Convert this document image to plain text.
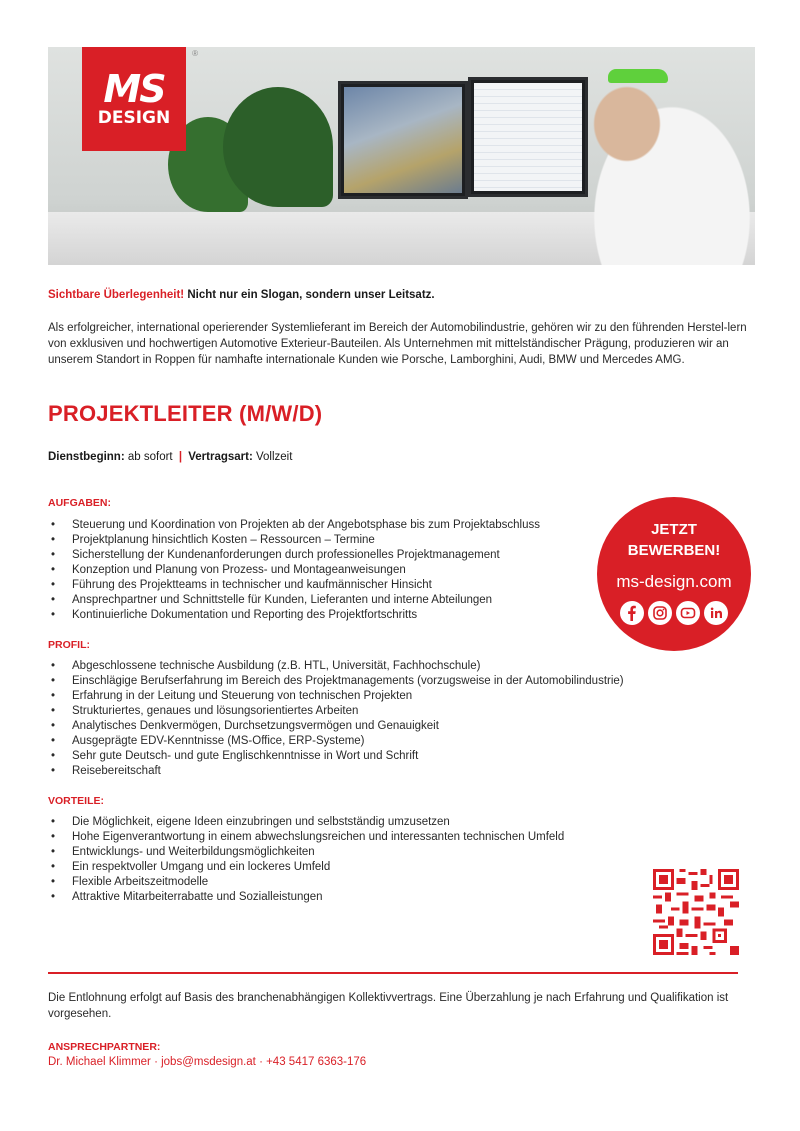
MS
DESIGN
®
Sichtbare Überlegenheit! Nicht nur ein Slogan, sondern unser Leitsatz.

Als erfolgreicher, international operierender Systemlieferant im Bereich der Automobilindustrie, gehören wir zu den führenden Herstel-lern von exklusiven und hochwertigen Automotive Exterieur-Bauteilen. Als Unternehmen mit mittelständischer Prägung, produzieren wir an unserem Standort in Roppen für namhafte internationale Kunden wie Porsche, Lamborghini, Audi, BMW und Mercedes AMG.

PROJEKTLEITER (M/W/D)
Dienstbeginn: ab sofort | Vertragsart: Vollzeit
AUFGABEN:
• Steuerung und Koordination von Projekten ab der Angebotsphase bis zum Projektabschluss
• Projektplanung hinsichtlich Kosten – Ressourcen – Termine
• Sicherstellung der Kundenanforderungen durch professionelles Projektmanagement
• Konzeption und Planung von Prozess- und Montageanweisungen
• Führung des Projektteams in technischer und kaufmännischer Hinsicht
• Ansprechpartner und Schnittstelle für Kunden, Lieferanten und interne Abteilungen
• Kontinuierliche Dokumentation und Reporting des Projektfortschritts
PROFIL:
• Abgeschlossene technische Ausbildung (z.B. HTL, Universität, Fachhochschule)
• Einschlägige Berufserfahrung im Bereich des Projektmanagements (vorzugsweise in der Automobilindustrie)
• Erfahrung in der Leitung und Steuerung von technischen Projekten
• Strukturiertes, genaues und lösungsorientiertes Arbeiten
• Analytisches Denkvermögen, Durchsetzungsvermögen und Genauigkeit
• Ausgeprägte EDV-Kenntnisse (MS-Office, ERP-Systeme)
• Sehr gute Deutsch- und gute Englischkenntnisse in Wort und Schrift
• Reisebereitschaft
VORTEILE:
• Die Möglichkeit, eigene Ideen einzubringen und selbstständig umzusetzen
• Hohe Eigenverantwortung in einem abwechslungsreichen und interessanten technischen Umfeld
• Entwicklungs- und Weiterbildungsmöglichkeiten
• Ein respektvoller Umgang und ein lockeres Umfeld
• Flexible Arbeitszeitmodelle
• Attraktive Mitarbeiterrabatte und Sozialleistungen
JETZT
BEWERBEN!
ms-design.com

Die Entlohnung erfolgt auf Basis des branchenabhängigen Kollektivvertrags. Eine Überzahlung je nach Erfahrung und Qualifikation ist vorgesehen.

ANSPRECHPARTNER:
Dr. Michael Klimmer · jobs@msdesign.at · +43 5417 6363-176
